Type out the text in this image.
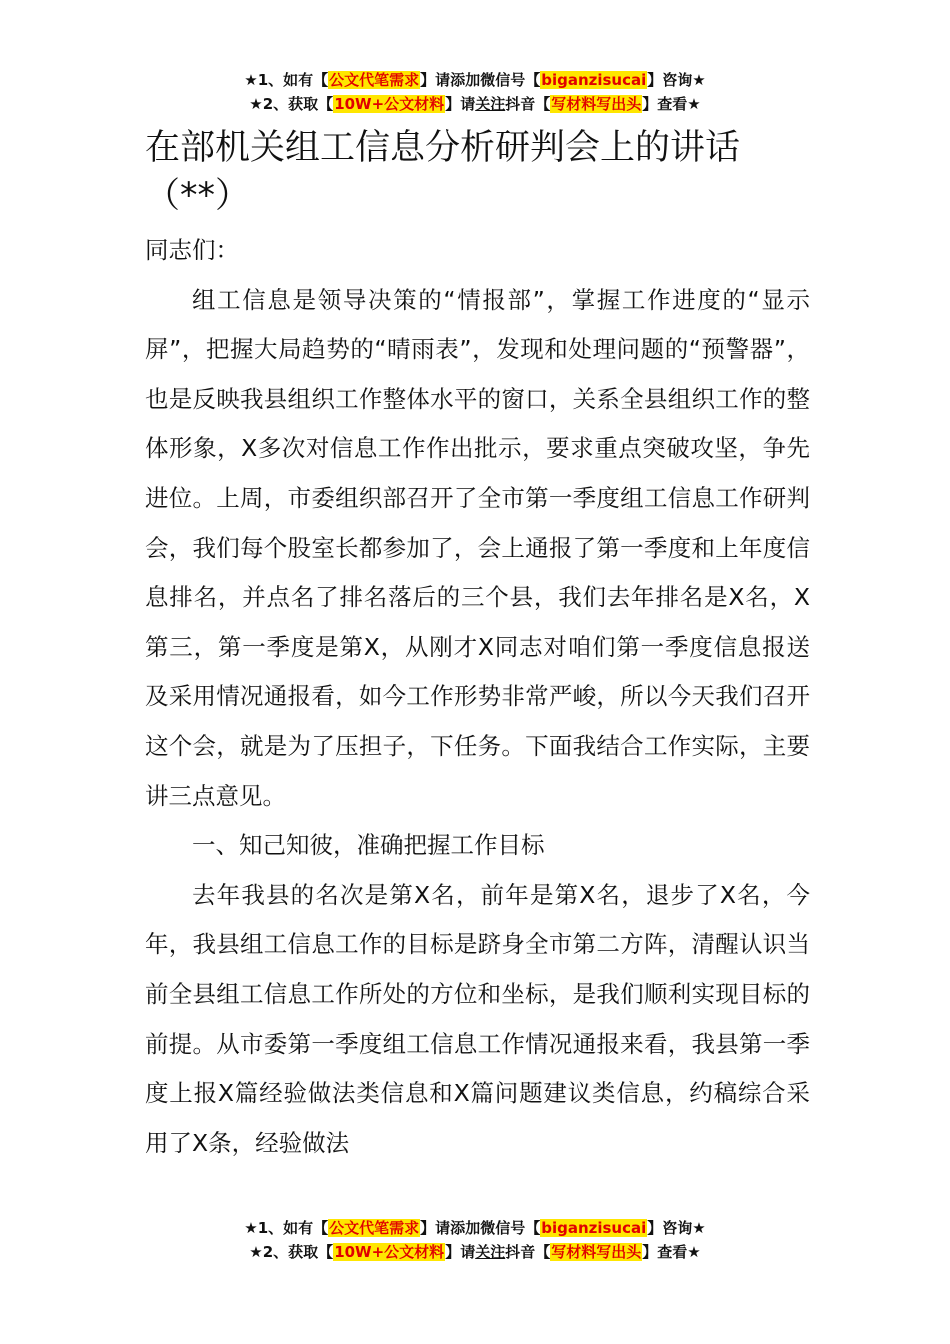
★1、如有【公文代笔需求】请添加微信号【biganzisucai】咨询★
★2、获取【10W+公文材料】请关注抖音【写材料写出头】查看★
在部机关组工信息分析研判会上的讲话
（**）

同志们：

组工信息是领导决策的“情报部”，掌握工作进度的“显示屏”，把握大局趋势的“晴雨表”，发现和处理问题的“预警器”，也是反映我县组织工作整体水平的窗口，关系全县组织工作的整体形象，X多次对信息工作作出批示，要求重点突破攻坚，争先进位。上周，市委组织部召开了全市第一季度组工信息工作研判会，我们每个股室长都参加了，会上通报了第一季度和上年度信息排名，并点名了排名落后的三个县，我们去年排名是X名，X第三，第一季度是第X，从刚才X同志对咱们第一季度信息报送及采用情况通报看，如今工作形势非常严峻，所以今天我们召开这个会，就是为了压担子，下任务。下面我结合工作实际，主要讲三点意见。

一、知己知彼，准确把握工作目标

去年我县的名次是第X名，前年是第X名，退步了X名，今年，我县组工信息工作的目标是跻身全市第二方阵，清醒认识当前全县组工信息工作所处的方位和坐标，是我们顺利实现目标的前提。从市委第一季度组工信息工作情况通报来看，我县第一季度上报X篇经验做法类信息和X篇问题建议类信息，约稿综合采用了X条，经验做法

★1、如有【公文代笔需求】请添加微信号【biganzisucai】咨询★
★2、获取【10W+公文材料】请关注抖音【写材料写出头】查看★
